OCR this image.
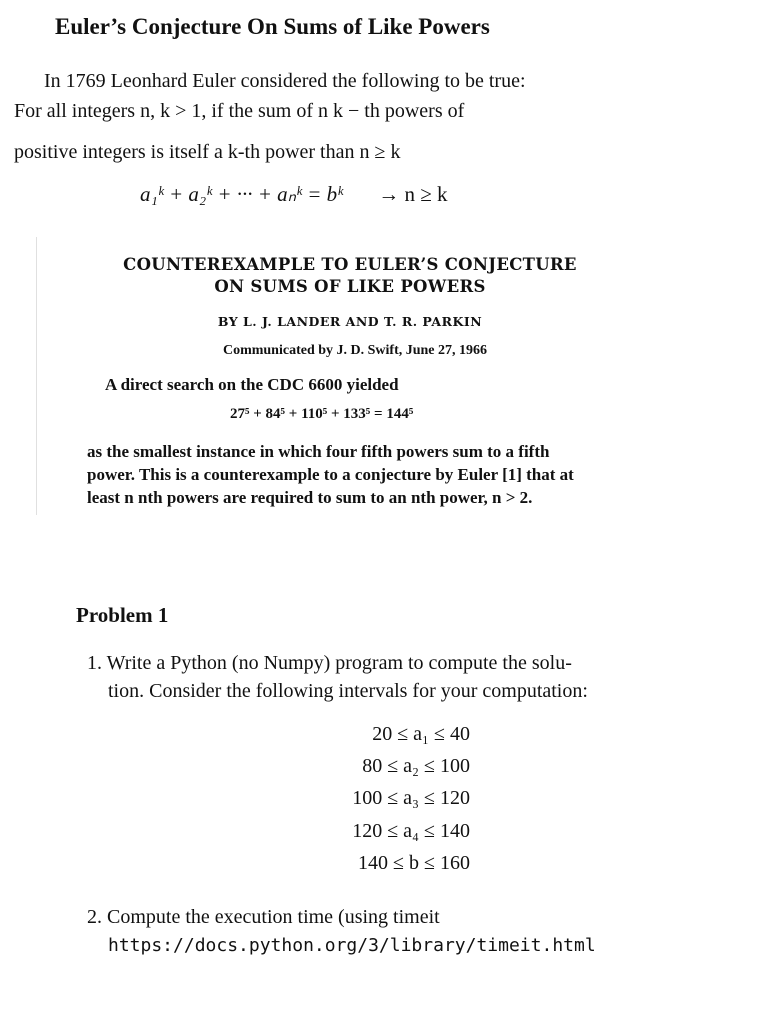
Euler’s Conjecture On Sums of Like Powers
In 1769 Leonhard Euler considered the following to be true:
For all integers n, k > 1, if the sum of n k − th powers of
positive integers is itself a k-th power than n ≥ k
a₁ᵏ + a₂ᵏ + ··· + aₙᵏ = bᵏ → n ≥ k
COUNTEREXAMPLE TO EULER’S CONJECTURE
ON SUMS OF LIKE POWERS
BY L. J. LANDER AND T. R. PARKIN
Communicated by J. D. Swift, June 27, 1966
A direct search on the CDC 6600 yielded
27⁵ + 84⁵ + 110⁵ + 133⁵ = 144⁵
as the smallest instance in which four fifth powers sum to a fifth
power. This is a counterexample to a conjecture by Euler [1] that at
least n nth powers are required to sum to an nth power, n > 2.
Problem 1
1. Write a Python (no Numpy) program to compute the solu-
tion. Consider the following intervals for your computation:
20 ≤ a₁ ≤ 40
80 ≤ a₂ ≤ 100
100 ≤ a₃ ≤ 120
120 ≤ a₄ ≤ 140
140 ≤ b ≤ 160
2. Compute the execution time (using timeit
https://docs.python.org/3/library/timeit.html
